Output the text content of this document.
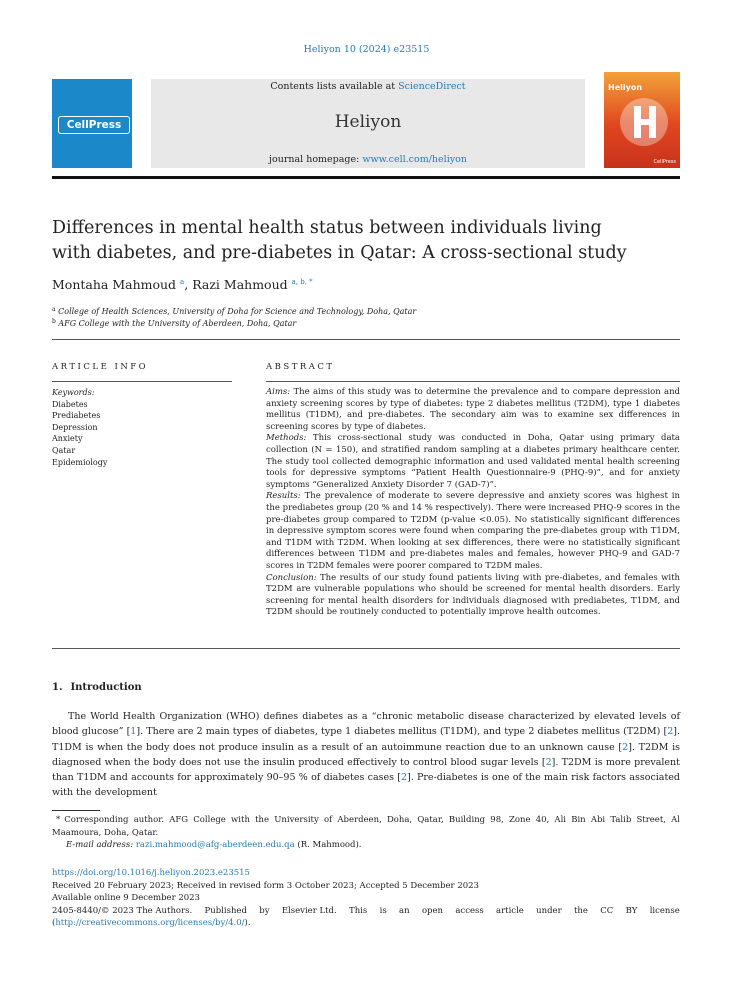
Heliyon 10 (2024) e23515
CellPress
Contents lists available at ScienceDirect
Heliyon
journal homepage: www.cell.com/heliyon
Heliyon
CellPress
Differences in mental health status between individuals living
with diabetes, and pre-diabetes in Qatar: A cross-sectional study
Montaha Mahmoud $^a$, Razi Mahmoud $^{a, b, *}$
$^a$ College of Health Sciences, University of Doha for Science and Technology, Doha, Qatar
$^b$ AFG College with the University of Aberdeen, Doha, Qatar
ARTICLE INFO	ABSTRACT
Keywords:
Diabetes
Prediabetes
Depression
Anxiety
Qatar
Epidemiology

Aims: The aims of this study was to determine the prevalence and to compare depression and anxiety screening scores by type of diabetes: type 2 diabetes mellitus (T2DM), type 1 diabetes mellitus (T1DM), and pre-diabetes. The secondary aim was to examine sex differences in screening scores by type of diabetes.

Methods: This cross-sectional study was conducted in Doha, Qatar using primary data collection (N = 150), and stratified random sampling at a diabetes primary healthcare center. The study tool collected demographic information and used validated mental health screening tools for depressive symptoms “Patient Health Questionnaire-9 (PHQ-9)”, and for anxiety symptoms “Generalized Anxiety Disorder 7 (GAD-7)”.

Results: The prevalence of moderate to severe depressive and anxiety scores was highest in the prediabetes group (20 % and 14 % respectively). There were increased PHQ-9 scores in the pre-diabetes group compared to T2DM (p-value <0.05). No statistically significant differences in depressive symptom scores were found when comparing the pre-diabetes group with T1DM, and T1DM with T2DM. When looking at sex differences, there were no statistically significant differences between T1DM and pre-diabetes males and females, however PHQ-9 and GAD-7 scores in T2DM females were poorer compared to T2DM males.

Conclusion: The results of our study found patients living with pre-diabetes, and females with T2DM are vulnerable populations who should be screened for mental health disorders. Early screening for mental health disorders for individuals diagnosed with prediabetes, T1DM, and T2DM should be routinely conducted to potentially improve health outcomes.

1. Introduction
The World Health Organization (WHO) defines diabetes as a “chronic metabolic disease characterized by elevated levels of blood glucose” [1]. There are 2 main types of diabetes, type 1 diabetes mellitus (T1DM), and type 2 diabetes mellitus (T2DM) [2]. T1DM is when the body does not produce insulin as a result of an autoimmune reaction due to an unknown cause [2]. T2DM is diagnosed when the body does not use the insulin produced effectively to control blood sugar levels [2]. T2DM is more prevalent than T1DM and accounts for approximately 90–95 % of diabetes cases [2]. Pre-diabetes is one of the main risk factors associated with the development
* Corresponding author. AFG College with the University of Aberdeen, Doha, Qatar, Building 98, Zone 40, Ali Bin Abi Talib Street, Al Maamoura, Doha, Qatar.
E-mail address: razi.mahmood@afg-aberdeen.edu.qa (R. Mahmood).
https://doi.org/10.1016/j.heliyon.2023.e23515
Received 20 February 2023; Received in revised form 3 October 2023; Accepted 5 December 2023
Available online 9 December 2023
2405-8440/© 2023 The Authors. Published by Elsevier Ltd. This is an open access article under the CC BY license
(http://creativecommons.org/licenses/by/4.0/).
